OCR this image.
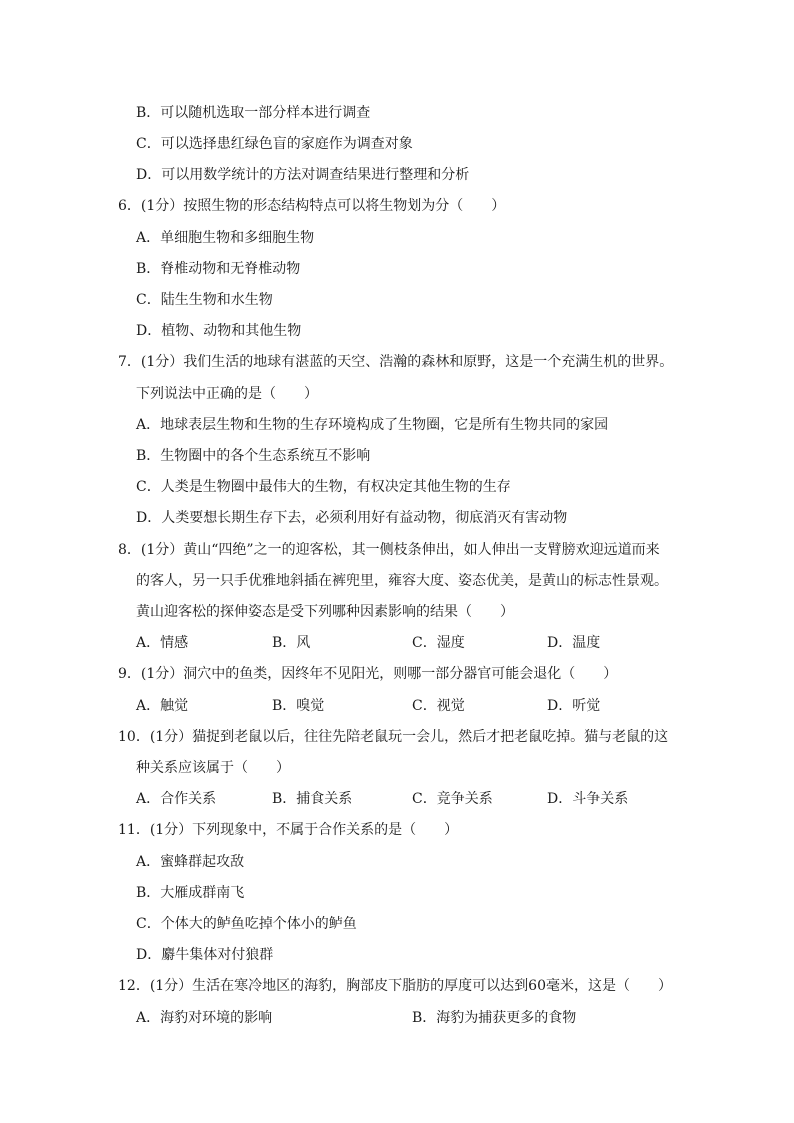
B．可以随机选取一部分样本进行调查
C．可以选择患红绿色盲的家庭作为调查对象
D．可以用数学统计的方法对调查结果进行整理和分析
6．(1分）按照生物的形态结构特点可以将生物划为分（　　）
A．单细胞生物和多细胞生物
B．脊椎动物和无脊椎动物
C．陆生生物和水生物
D．植物、动物和其他生物
7．(1分）我们生活的地球有湛蓝的天空、浩瀚的森林和原野，这是一个充满生机的世界。
下列说法中正确的是（　　）
A．地球表层生物和生物的生存环境构成了生物圈，它是所有生物共同的家园
B．生物圈中的各个生态系统互不影响
C．人类是生物圈中最伟大的生物，有权决定其他生物的生存
D．人类要想长期生存下去，必须利用好有益动物，彻底消灭有害动物
8．(1分）黄山“四绝”之一的迎客松，其一侧枝条伸出，如人伸出一支臂膀欢迎远道而来
的客人，另一只手优雅地斜插在裤兜里，雍容大度、姿态优美，是黄山的标志性景观。
黄山迎客松的探伸姿态是受下列哪种因素影响的结果（　　）
A．情感	B．风	C．湿度	D．温度
9．(1分）洞穴中的鱼类，因终年不见阳光，则哪一部分器官可能会退化（　　）
A．触觉	B．嗅觉	C．视觉	D．听觉
10．(1分）猫捉到老鼠以后，往往先陪老鼠玩一会儿，然后才把老鼠吃掉。猫与老鼠的这
种关系应该属于（　　）
A．合作关系	B．捕食关系	C．竞争关系	D．斗争关系
11．(1分）下列现象中，不属于合作关系的是（　　）
A．蜜蜂群起攻敌
B．大雁成群南飞
C．个体大的鲈鱼吃掉个体小的鲈鱼
D．麝牛集体对付狼群
12．(1分）生活在寒冷地区的海豹，胸部皮下脂肪的厚度可以达到60毫米，这是（　　）
A．海豹对环境的影响	B．海豹为捕获更多的食物
